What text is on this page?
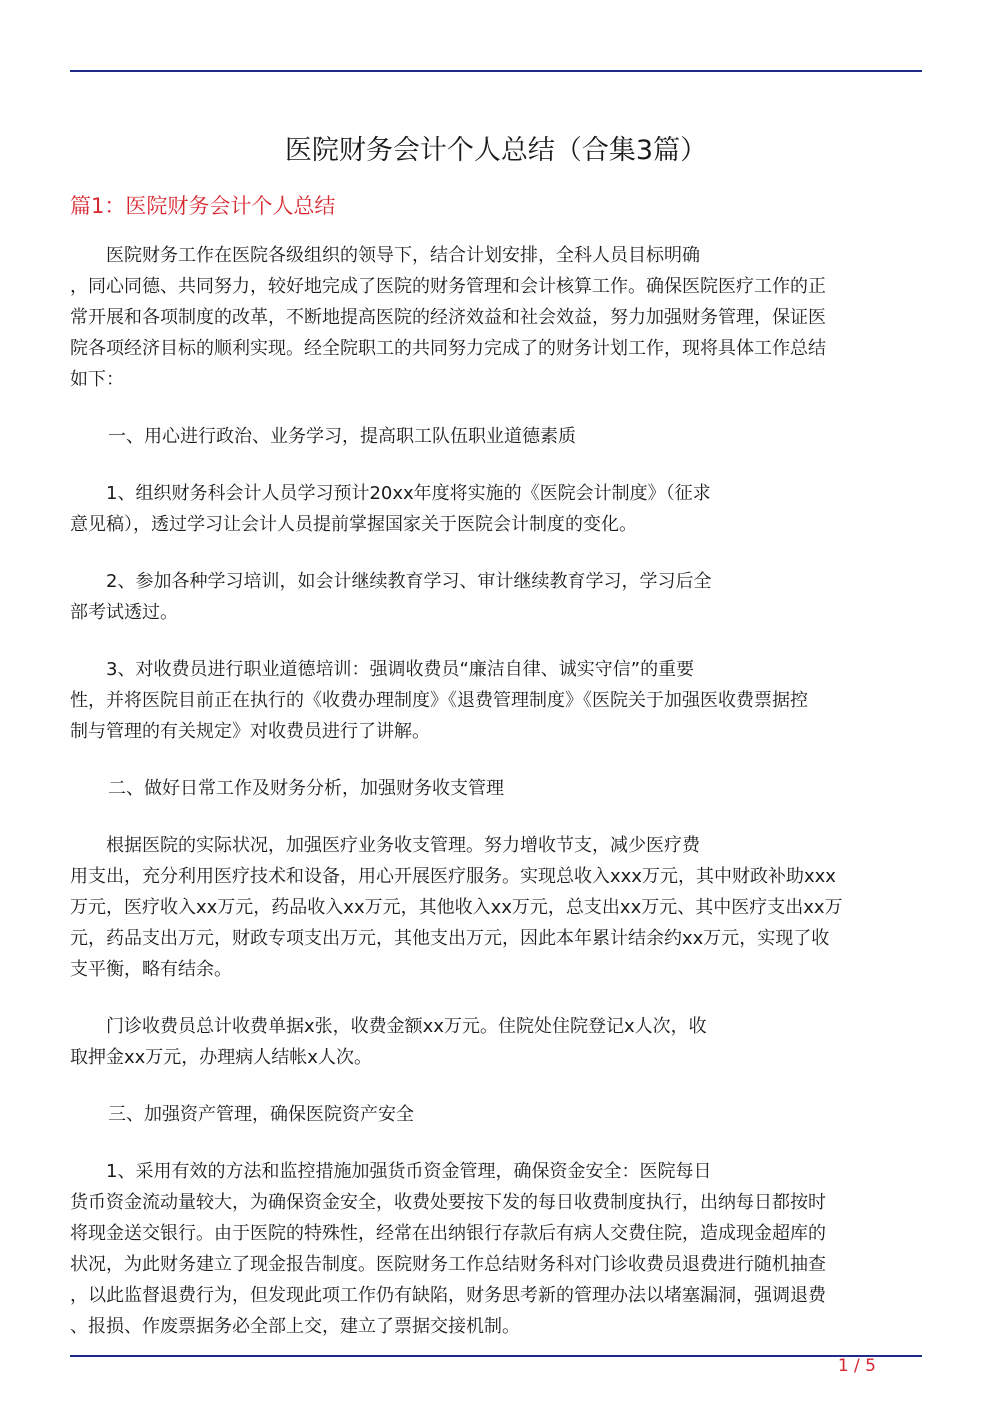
医院财务会计个人总结（合集3篇）
篇1：医院财务会计个人总结
　　医院财务工作在医院各级组织的领导下，结合计划安排，全科人员目标明确
，同心同德、共同努力，较好地完成了医院的财务管理和会计核算工作。确保医院医疗工作的正
常开展和各项制度的改革，不断地提高医院的经济效益和社会效益，努力加强财务管理，保证医
院各项经济目标的顺利实现。经全院职工的共同努力完成了的财务计划工作，现将具体工作总结
如下：
一、用心进行政治、业务学习，提高职工队伍职业道德素质
　　1、组织财务科会计人员学习预计20xx年度将实施的《医院会计制度》（征求
意见稿），透过学习让会计人员提前掌握国家关于医院会计制度的变化。
　　2、参加各种学习培训，如会计继续教育学习、审计继续教育学习，学习后全
部考试透过。
　　3、对收费员进行职业道德培训：强调收费员“廉洁自律、诚实守信”的重要
性，并将医院目前正在执行的《收费办理制度》《退费管理制度》《医院关于加强医收费票据控
制与管理的有关规定》对收费员进行了讲解。
二、做好日常工作及财务分析，加强财务收支管理
　　根据医院的实际状况，加强医疗业务收支管理。努力增收节支，减少医疗费
用支出，充分利用医疗技术和设备，用心开展医疗服务。实现总收入xxx万元，其中财政补助xxx
万元，医疗收入xx万元，药品收入xx万元，其他收入xx万元，总支出xx万元、其中医疗支出xx万
元，药品支出万元，财政专项支出万元，其他支出万元，因此本年累计结余约xx万元，实现了收
支平衡，略有结余。
　　门诊收费员总计收费单据x张，收费金额xx万元。住院处住院登记x人次，收
取押金xx万元，办理病人结帐x人次。
三、加强资产管理，确保医院资产安全
　　1、采用有效的方法和监控措施加强货币资金管理，确保资金安全：医院每日
货币资金流动量较大，为确保资金安全，收费处要按下发的每日收费制度执行，出纳每日都按时
将现金送交银行。由于医院的特殊性，经常在出纳银行存款后有病人交费住院，造成现金超库的
状况，为此财务建立了现金报告制度。医院财务工作总结财务科对门诊收费员退费进行随机抽查
，以此监督退费行为，但发现此项工作仍有缺陷，财务思考新的管理办法以堵塞漏洞，强调退费
、报损、作废票据务必全部上交，建立了票据交接机制。
1 / 5
